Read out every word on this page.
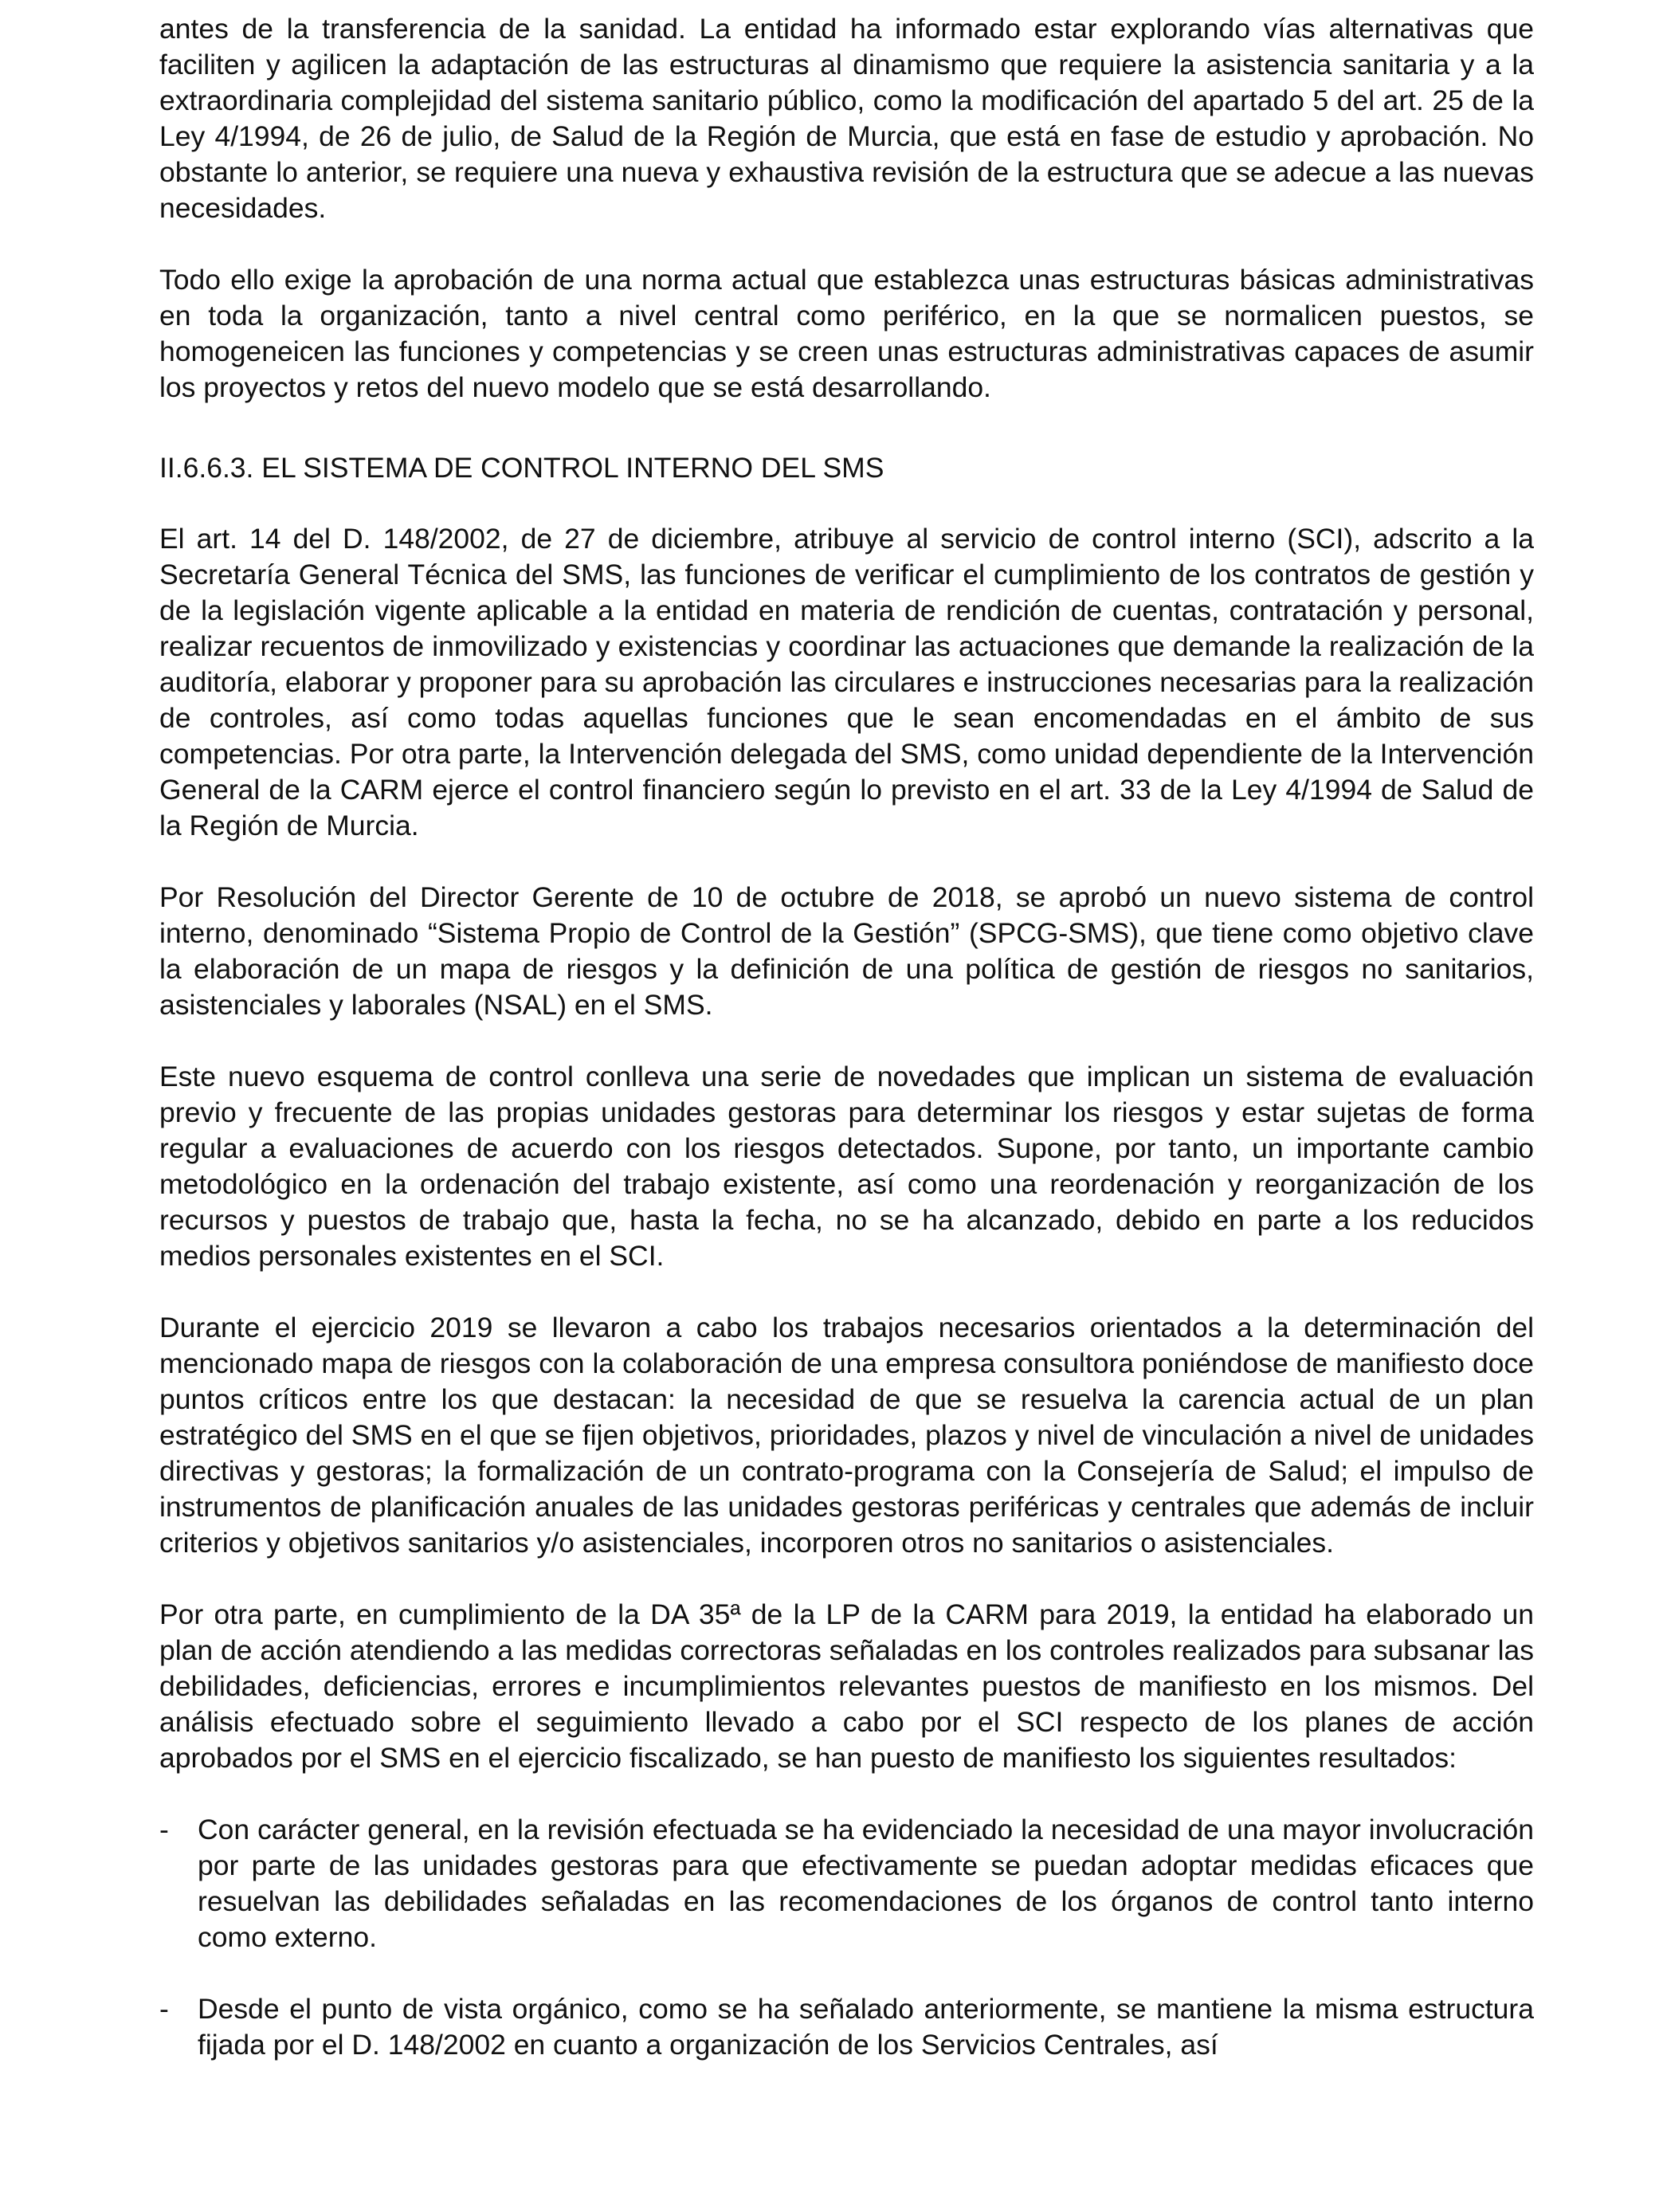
antes de la transferencia de la sanidad. La entidad ha informado estar explorando vías alternativas que faciliten y agilicen la adaptación de las estructuras al dinamismo que requiere la asistencia sanitaria y a la extraordinaria complejidad del sistema sanitario público, como la modificación del apartado 5 del art. 25 de la Ley 4/1994, de 26 de julio, de Salud de la Región de Murcia, que está en fase de estudio y aprobación. No obstante lo anterior, se requiere una nueva y exhaustiva revisión de la estructura que se adecue a las nuevas necesidades.

Todo ello exige la aprobación de una norma actual que establezca unas estructuras básicas administrativas en toda la organización, tanto a nivel central como periférico, en la que se normalicen puestos, se homogeneicen las funciones y competencias y se creen unas estructuras administrativas capaces de asumir los proyectos y retos del nuevo modelo que se está desarrollando.

II.6.6.3. EL SISTEMA DE CONTROL INTERNO DEL SMS

El art. 14 del D. 148/2002, de 27 de diciembre, atribuye al servicio de control interno (SCI), adscrito a la Secretaría General Técnica del SMS, las funciones de verificar el cumplimiento de los contratos de gestión y de la legislación vigente aplicable a la entidad en materia de rendición de cuentas, contratación y personal, realizar recuentos de inmovilizado y existencias y coordinar las actuaciones que demande la realización de la auditoría, elaborar y proponer para su aprobación las circulares e instrucciones necesarias para la realización de controles, así como todas aquellas funciones que le sean encomendadas en el ámbito de sus competencias. Por otra parte, la Intervención delegada del SMS, como unidad dependiente de la Intervención General de la CARM ejerce el control financiero según lo previsto en el art. 33 de la Ley 4/1994 de Salud de la Región de Murcia.

Por Resolución del Director Gerente de 10 de octubre de 2018, se aprobó un nuevo sistema de control interno, denominado “Sistema Propio de Control de la Gestión” (SPCG-SMS), que tiene como objetivo clave la elaboración de un mapa de riesgos y la definición de una política de gestión de riesgos no sanitarios, asistenciales y laborales (NSAL) en el SMS.

Este nuevo esquema de control conlleva una serie de novedades que implican un sistema de evaluación previo y frecuente de las propias unidades gestoras para determinar los riesgos y estar sujetas de forma regular a evaluaciones de acuerdo con los riesgos detectados. Supone, por tanto, un importante cambio metodológico en la ordenación del trabajo existente, así como una reordenación y reorganización de los recursos y puestos de trabajo que, hasta la fecha, no se ha alcanzado, debido en parte a los reducidos medios personales existentes en el SCI.

Durante el ejercicio 2019 se llevaron a cabo los trabajos necesarios orientados a la determinación del mencionado mapa de riesgos con la colaboración de una empresa consultora poniéndose de manifiesto doce puntos críticos entre los que destacan: la necesidad de que se resuelva la carencia actual de un plan estratégico del SMS en el que se fijen objetivos, prioridades, plazos y nivel de vinculación a nivel de unidades directivas y gestoras; la formalización de un contrato-programa con la Consejería de Salud; el impulso de instrumentos de planificación anuales de las unidades gestoras periféricas y centrales que además de incluir criterios y objetivos sanitarios y/o asistenciales, incorporen otros no sanitarios o asistenciales.

Por otra parte, en cumplimiento de la DA 35ª de la LP de la CARM para 2019, la entidad ha elaborado un plan de acción atendiendo a las medidas correctoras señaladas en los controles realizados para subsanar las debilidades, deficiencias, errores e incumplimientos relevantes puestos de manifiesto en los mismos. Del análisis efectuado sobre el seguimiento llevado a cabo por el SCI respecto de los planes de acción aprobados por el SMS en el ejercicio fiscalizado, se han puesto de manifiesto los siguientes resultados:

- Con carácter general, en la revisión efectuada se ha evidenciado la necesidad de una mayor involucración por parte de las unidades gestoras para que efectivamente se puedan adoptar medidas eficaces que resuelvan las debilidades señaladas en las recomendaciones de los órganos de control tanto interno como externo.
- Desde el punto de vista orgánico, como se ha señalado anteriormente, se mantiene la misma estructura fijada por el D. 148/2002 en cuanto a organización de los Servicios Centrales, así
